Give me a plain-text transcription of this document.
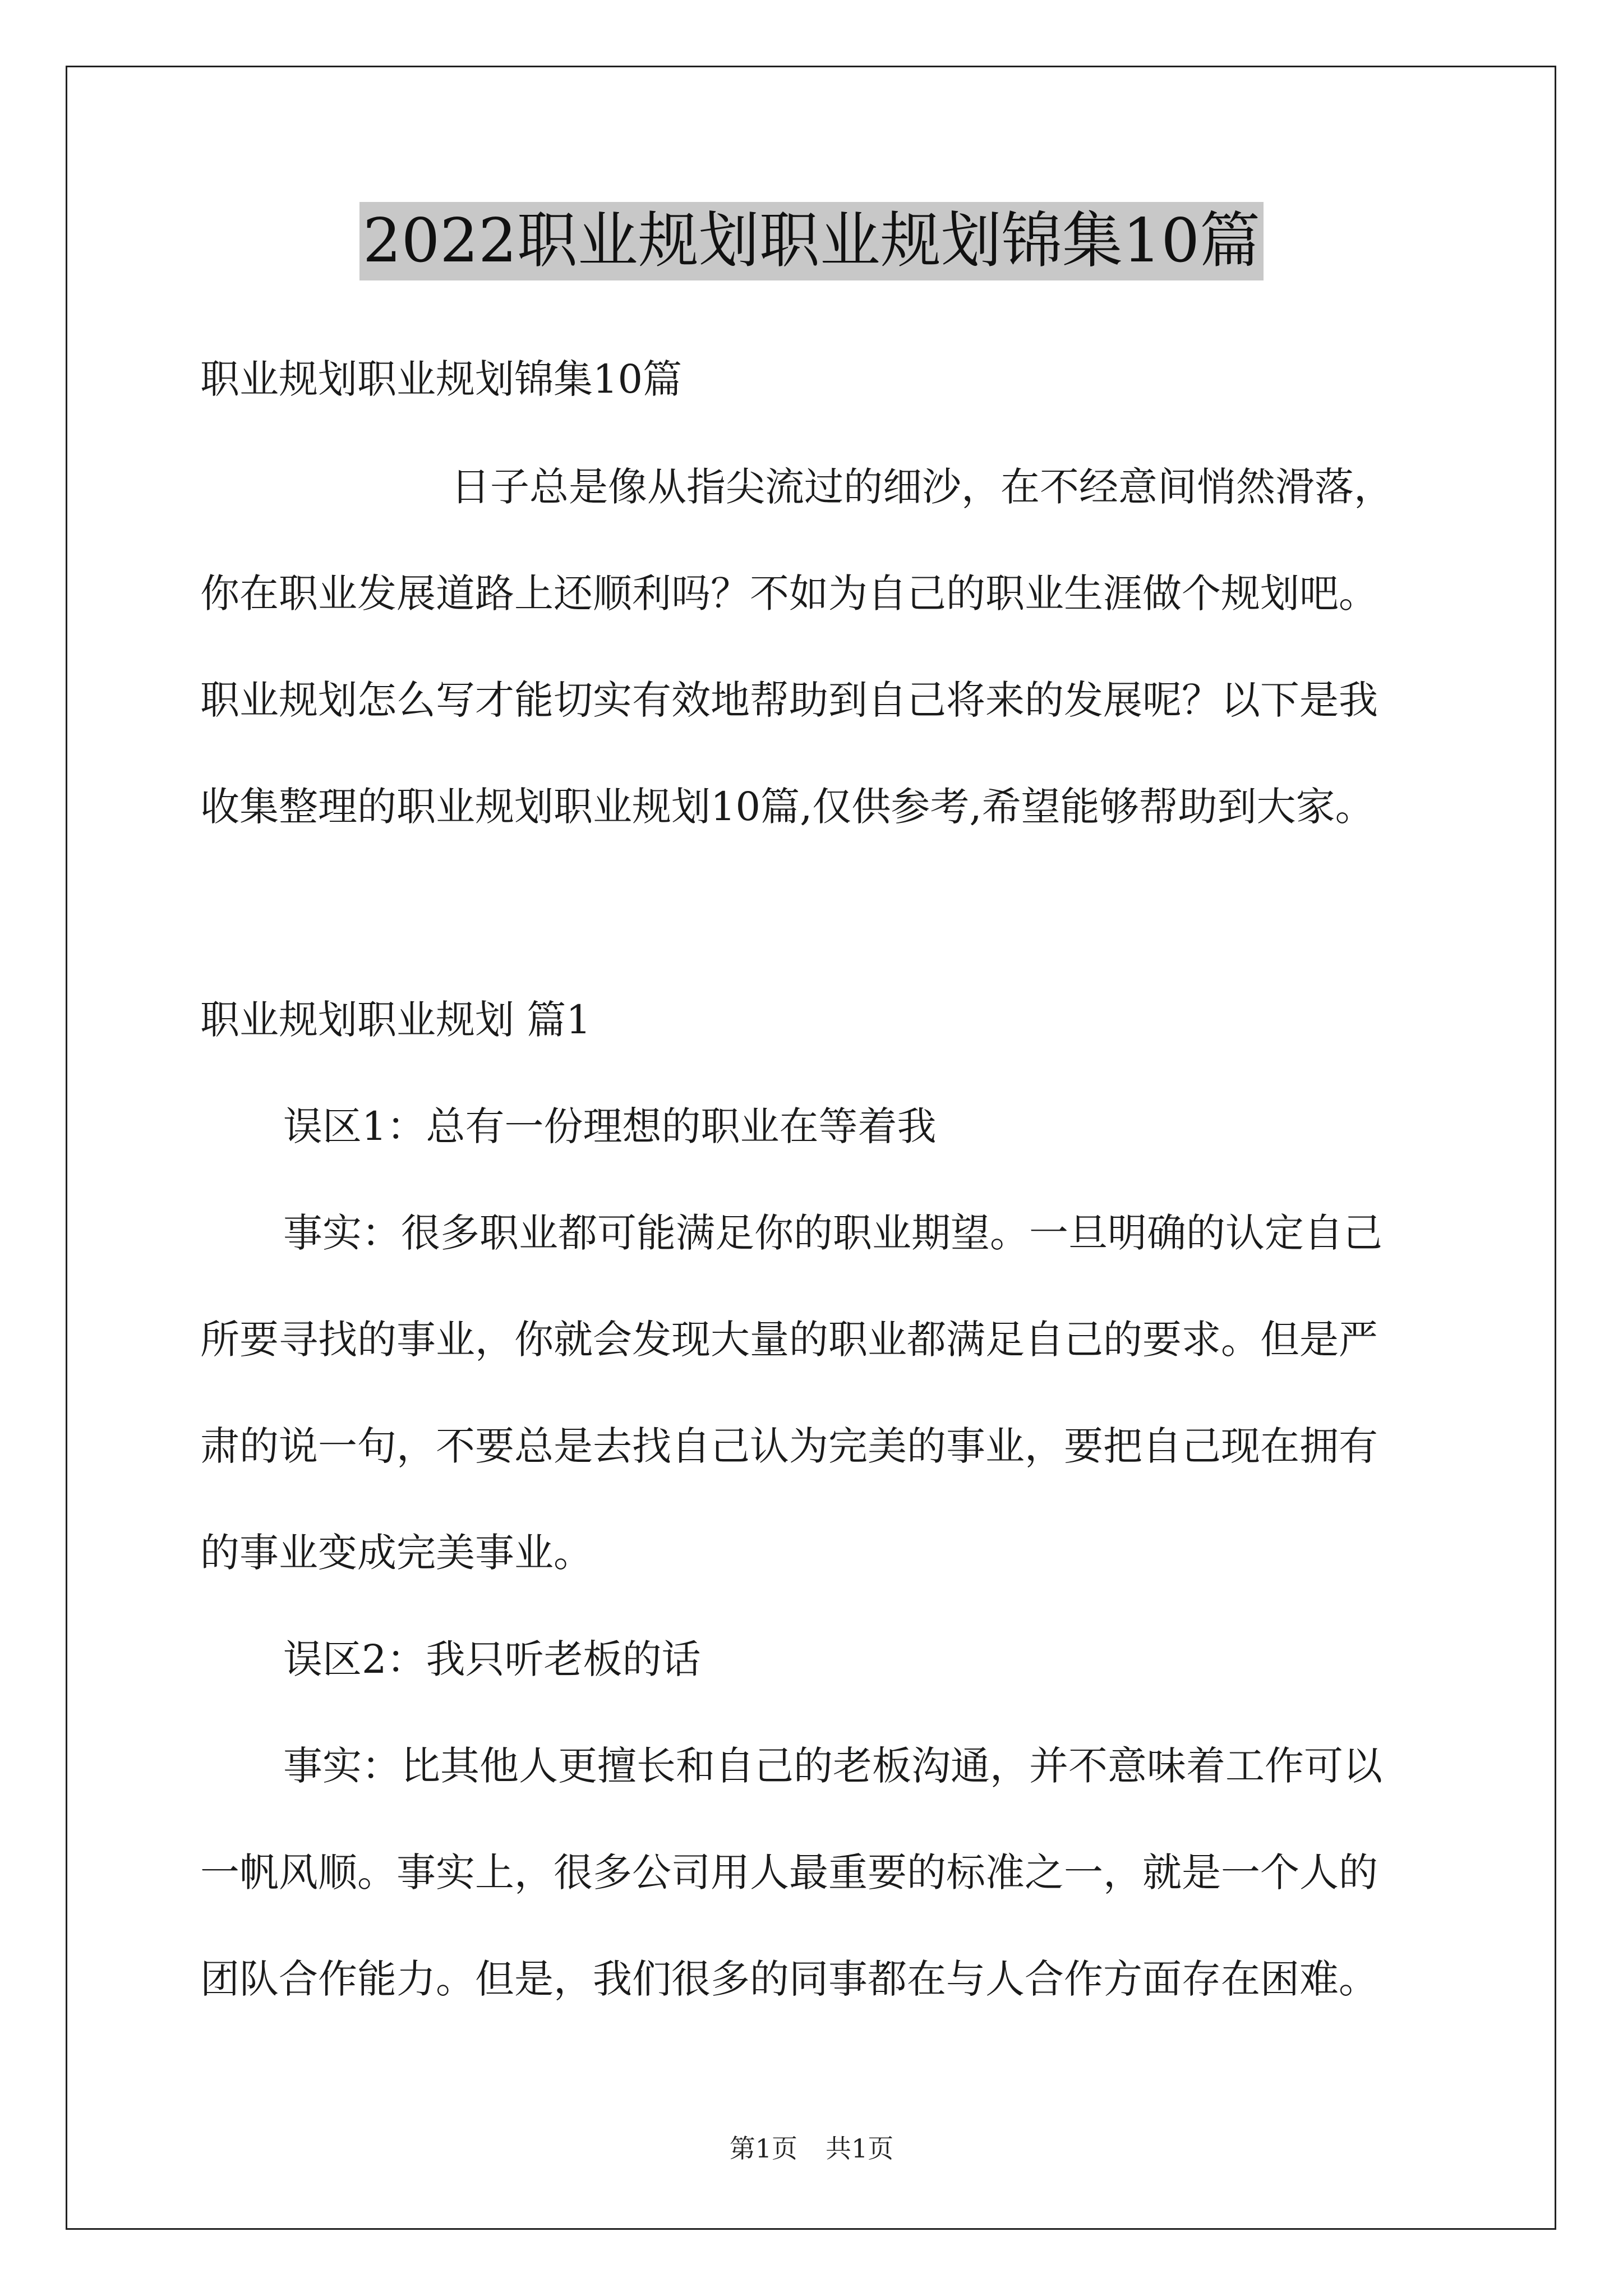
2022职业规划职业规划锦集10篇
职业规划职业规划锦集10篇
日子总是像从指尖流过的细沙，在不经意间悄然滑落，
你在职业发展道路上还顺利吗？不如为自己的职业生涯做个规划吧。
职业规划怎么写才能切实有效地帮助到自己将来的发展呢？以下是我
收集整理的职业规划职业规划10篇,仅供参考,希望能够帮助到大家。
职业规划职业规划 篇1
误区1：总有一份理想的职业在等着我
事实：很多职业都可能满足你的职业期望。一旦明确的认定自己
所要寻找的事业，你就会发现大量的职业都满足自己的要求。但是严
肃的说一句，不要总是去找自己认为完美的事业，要把自己现在拥有
的事业变成完美事业。
误区2：我只听老板的话
事实：比其他人更擅长和自己的老板沟通，并不意味着工作可以
一帆风顺。事实上，很多公司用人最重要的标准之一，就是一个人的
团队合作能力。但是，我们很多的同事都在与人合作方面存在困难。
第1页 共1页
